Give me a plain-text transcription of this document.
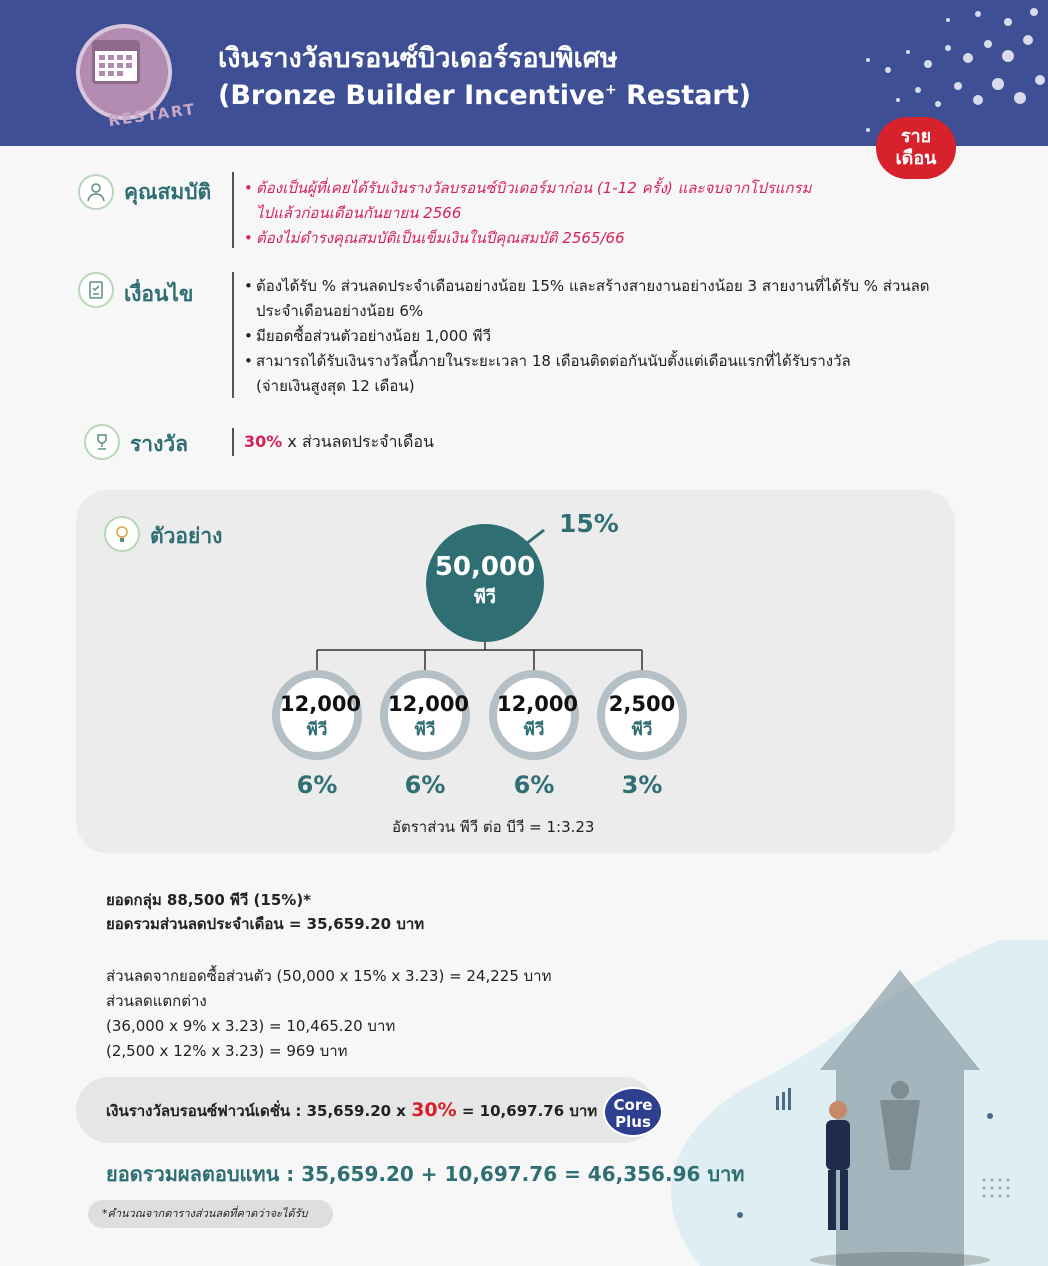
RESTART
เงินรางวัลบรอนซ์บิวเดอร์รอบพิเศษ
(Bronze Builder Incentive+ Restart)
ราย
เดือน
คุณสมบัติ	• ต้องเป็นผู้ที่เคยได้รับเงินรางวัลบรอนซ์บิวเดอร์มาก่อน (1-12 ครั้ง) และจบจากโปรแกรม
ไปแล้วก่อนเดือนกันยายน 2566
• ต้องไม่ดำรงคุณสมบัติเป็นเข็มเงินในปีคุณสมบัติ 2565/66
เงื่อนไข	• ต้องได้รับ % ส่วนลดประจำเดือนอย่างน้อย 15% และสร้างสายงานอย่างน้อย 3 สายงานที่ได้รับ % ส่วนลด
ประจำเดือนอย่างน้อย 6%
• มียอดซื้อส่วนตัวอย่างน้อย 1,000 พีวี
• สามารถได้รับเงินรางวัลนี้ภายในระยะเวลา 18 เดือนติดต่อกันนับตั้งแต่เดือนแรกที่ได้รับรางวัล
(จ่ายเงินสูงสุด 12 เดือน)
รางวัล	30% x ส่วนลดประจำเดือน
ตัวอย่าง
50,000
พีวี
15%
12,000
พีวี
12,000
พีวี
12,000
พีวี
2,500
พีวี
6%	6%	6%	3%
อัตราส่วน พีวี ต่อ บีวี = 1:3.23
ยอดกลุ่ม 88,500 พีวี (15%)*
ยอดรวมส่วนลดประจำเดือน = 35,659.20 บาท
ส่วนลดจากยอดซื้อส่วนตัว (50,000 x 15% x 3.23) = 24,225 บาท
ส่วนลดแตกต่าง
(36,000 x 9% x 3.23) = 10,465.20 บาท
(2,500 x 12% x 3.23) = 969 บาท
เงินรางวัลบรอนซ์ฟาวน์เดชั่น : 35,659.20 x 30% = 10,697.76 บาท	Core
Plus
ยอดรวมผลตอบแทน : 35,659.20 + 10,697.76 = 46,356.96 บาท
*คำนวณจากตารางส่วนลดที่คาดว่าจะได้รับ
